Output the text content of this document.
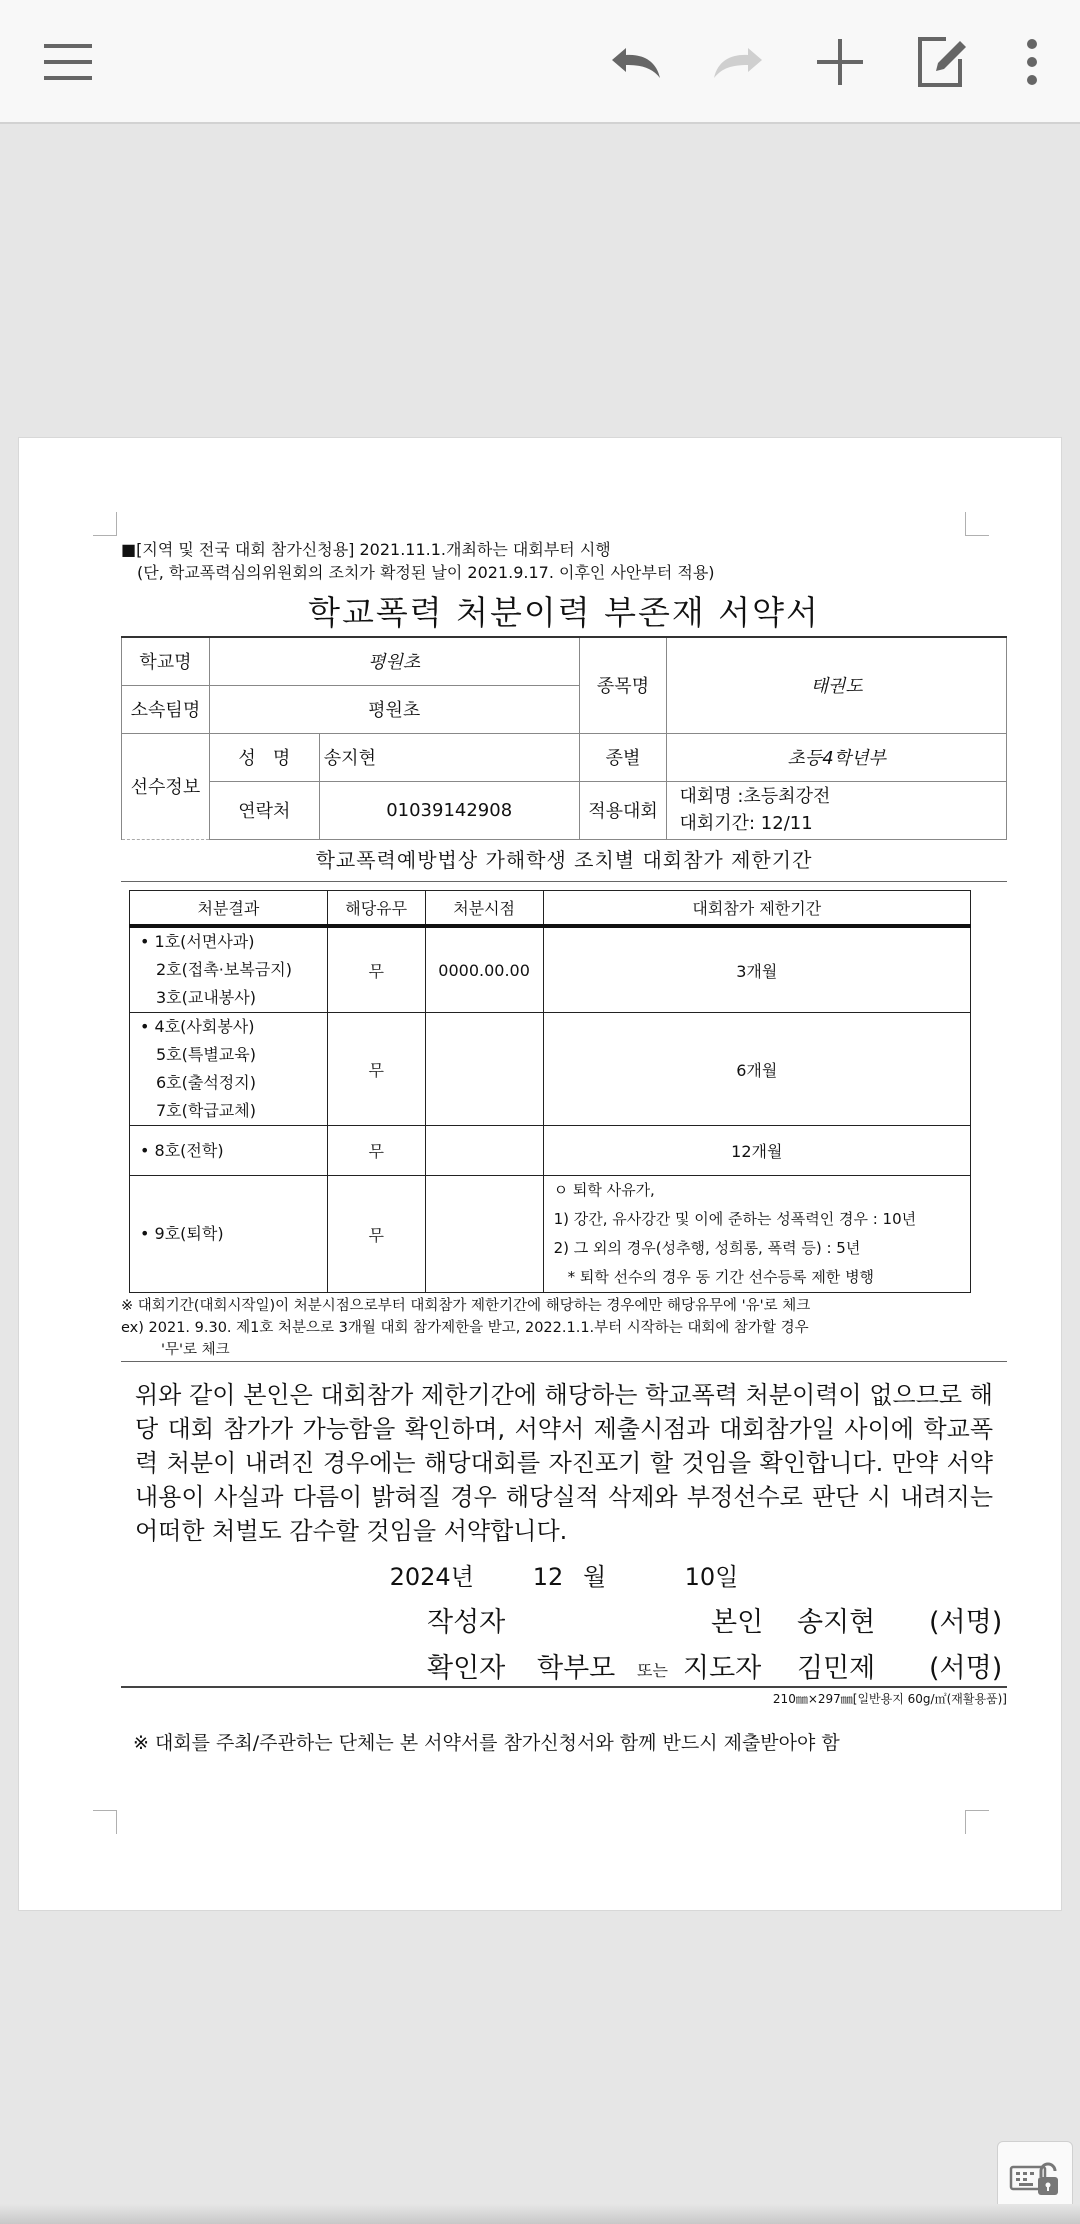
■[지역 및 전국 대회 참가신청용] 2021.11.1.개최하는 대회부터 시행
(단, 학교폭력심의위원회의 조치가 확정된 날이 2021.9.17. 이후인 사안부터 적용)
학교폭력 처분이력 부존재 서약서
학교명	평원초		종목명	태권도
소속팀명	평원초			
선수정보	성   명	송지현	종별	초등4학년부
	연락처	01039142908	적용대회	대회명 :초등최강전
대회기간: 12/11
학교폭력예방법상 가해학생 조치별 대회참가 제한기간
처분결과	해당유무	처분시점	대회참가 제한기간

• 1호(서면사과)
2호(접촉·보복금지)
3호(교내봉사)	무	0000.00.00	3개월

• 4호(사회봉사)
5호(특별교육)
6호(출석정지)
7호(학급교체)	무		6개월

• 8호(전학)	무		12개월

• 9호(퇴학)	무		ㅇ 퇴학 사유가,
1) 강간, 유사강간 및 이에 준하는 성폭력인 경우 : 10년
2) 그 외의 경우(성추행, 성희롱, 폭력 등) : 5년
* 퇴학 선수의 경우 동 기간 선수등록 제한 병행
※ 대회기간(대회시작일)이 처분시점으로부터 대회참가 제한기간에 해당하는 경우에만 해당유무에 '유'로 체크
ex) 2021. 9.30. 제1호 처분으로 3개월 대회 참가제한을 받고, 2022.1.1.부터 시작하는 대회에 참가할 경우
'무'로 체크
위와 같이 본인은 대회참가 제한기간에 해당하는 학교폭력 처분이력이 없으므로 해당 대회 참가가 가능함을 확인하며, 서약서 제출시점과 대회참가일 사이에 학교폭력 처분이 내려진 경우에는 해당대회를 자진포기 할 것임을 확인합니다. 만약 서약내용이 사실과 다름이 밝혀질 경우 해당실적 삭제와 부정선수로 판단 시 내려지는 어떠한 처벌도 감수할 것임을 서약합니다.
2024년   12 월    10일
작성자	본인 송지현 (서명)
확인자 학부모 또는 지도자 김민제 (서명)
210㎜×297㎜[일반용지 60g/㎡(재활용품)]
※ 대회를 주최/주관하는 단체는 본 서약서를 참가신청서와 함께 반드시 제출받아야 함
